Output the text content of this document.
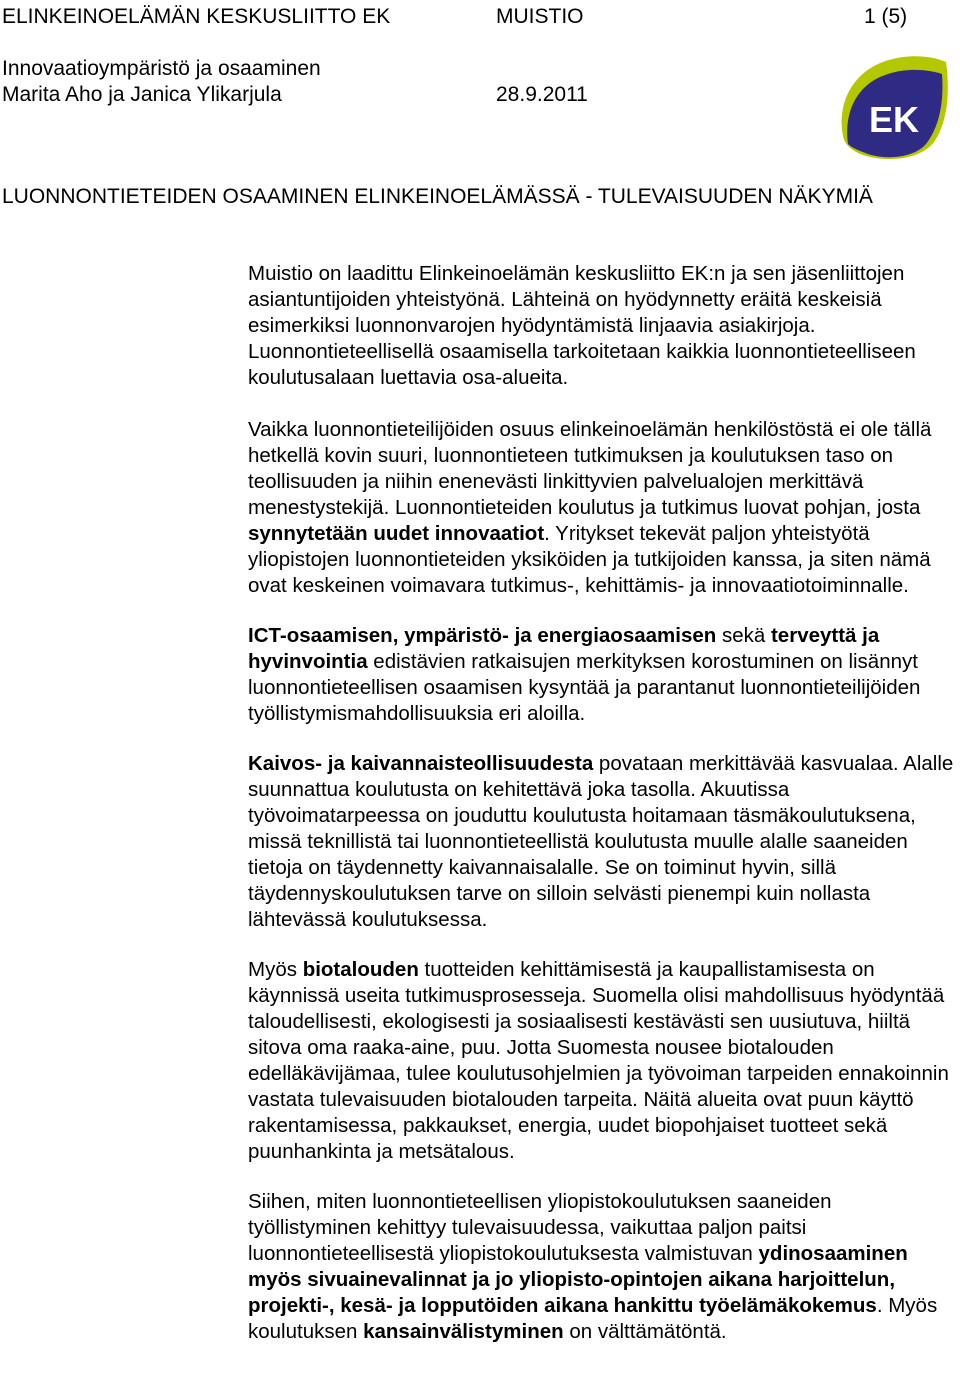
ELINKEINOELÄMÄN KESKUSLIITTO EK	MUISTIO	1 (5)
Innovaatioympäristö ja osaaminen
Marita Aho ja Janica Ylikarjula	28.9.2011
EK
LUONNONTIETEIDEN OSAAMINEN ELINKEINOELÄMÄSSÄ - TULEVAISUUDEN NÄKYMIÄ

Muistio on laadittu Elinkeinoelämän keskusliitto EK:n ja sen jäsenliittojen asiantuntijoiden yhteistyönä. Lähteinä on hyödynnetty eräitä keskeisiä esimerkiksi luonnonvarojen hyödyntämistä linjaavia asiakirjoja. Luonnontieteellisellä osaamisella tarkoitetaan kaikkia luonnontieteelliseen koulutusalaan luettavia osa-alueita.

Vaikka luonnontieteilijöiden osuus elinkeinoelämän henkilöstöstä ei ole tällä hetkellä kovin suuri, luonnontieteen tutkimuksen ja koulutuksen taso on teollisuuden ja niihin enenevästi linkittyvien palvelualojen merkittävä menestystekijä. Luonnontieteiden koulutus ja tutkimus luovat pohjan, josta synnytetään uudet innovaatiot. Yritykset tekevät paljon yhteistyötä yliopistojen luonnontieteiden yksiköiden ja tutkijoiden kanssa, ja siten nämä ovat keskeinen voimavara tutkimus-, kehittämis- ja innovaatiotoiminnalle.

ICT-osaamisen, ympäristö- ja energiaosaamisen sekä terveyttä ja hyvinvointia edistävien ratkaisujen merkityksen korostuminen on lisännyt luonnontieteellisen osaamisen kysyntää ja parantanut luonnontieteilijöiden työllistymismahdollisuuksia eri aloilla.

Kaivos- ja kaivannaisteollisuudesta povataan merkittävää kasvualaa. Alalle suunnattua koulutusta on kehitettävä joka tasolla. Akuutissa työvoimatarpeessa on jouduttu koulutusta hoitamaan täsmäkoulutuksena, missä teknillistä tai luonnontieteellistä koulutusta muulle alalle saaneiden tietoja on täydennetty kaivannaisalalle. Se on toiminut hyvin, sillä täydennyskoulutuksen tarve on silloin selvästi pienempi kuin nollasta lähtevässä koulutuksessa.

Myös biotalouden tuotteiden kehittämisestä ja kaupallistamisesta on käynnissä useita tutkimusprosesseja. Suomella olisi mahdollisuus hyödyntää taloudellisesti, ekologisesti ja sosiaalisesti kestävästi sen uusiutuva, hiiltä sitova oma raaka-aine, puu. Jotta Suomesta nousee biotalouden edelläkävijämaa, tulee koulutusohjelmien ja työvoiman tarpeiden ennakoinnin vastata tulevaisuuden biotalouden tarpeita. Näitä alueita ovat puun käyttö rakentamisessa, pakkaukset, energia, uudet biopohjaiset tuotteet sekä puunhankinta ja metsätalous.

Siihen, miten luonnontieteellisen yliopistokoulutuksen saaneiden työllistyminen kehittyy tulevaisuudessa, vaikuttaa paljon paitsi luonnontieteellisestä yliopistokoulutuksesta valmistuvan ydinosaaminen myös sivuainevalinnat ja jo yliopisto-opintojen aikana harjoittelun, projekti-, kesä- ja lopputöiden aikana hankittu työelämäkokemus. Myös koulutuksen kansainvälistyminen on välttämätöntä.
